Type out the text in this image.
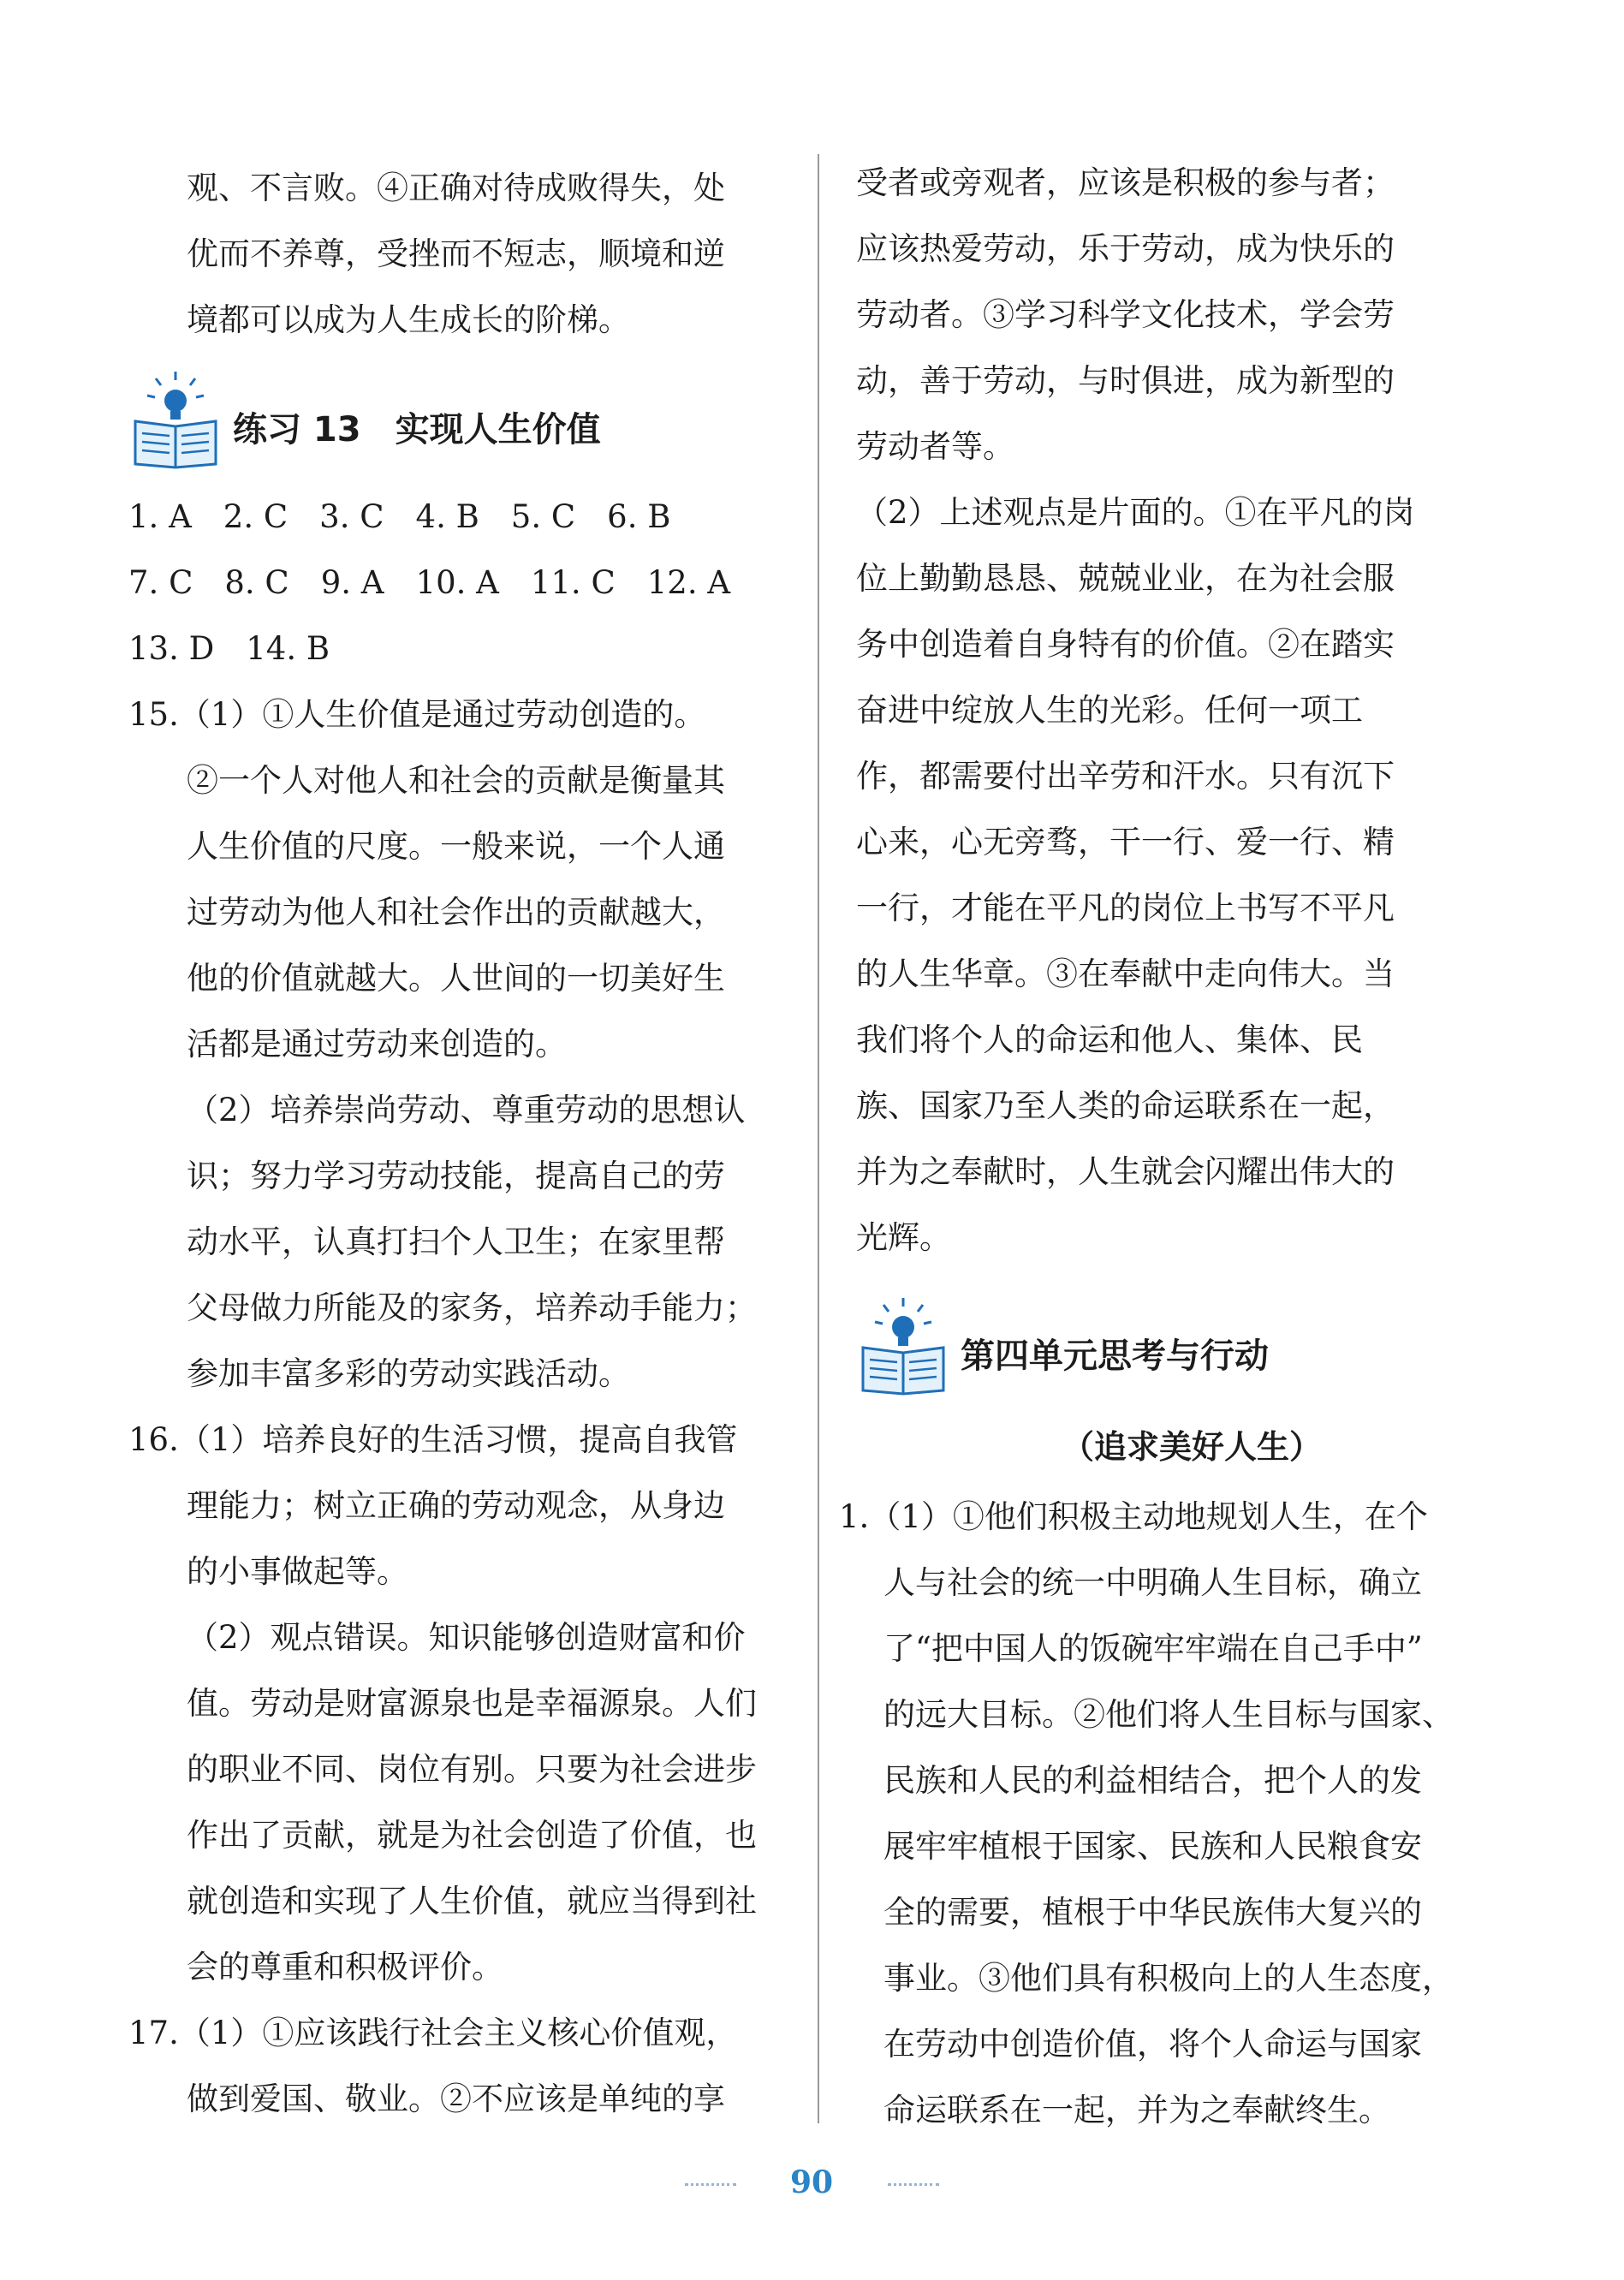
观、不言败。④正确对待成败得失，处
优而不养尊，受挫而不短志，顺境和逆
境都可以成为人生成长的阶梯。
练习 13　实现人生价值
1. A　2. C　3. C　4. B　5. C　6. B
7. C　8. C　9. A　10. A　11. C　12. A
13. D　14. B
15.（1）①人生价值是通过劳动创造的。
②一个人对他人和社会的贡献是衡量其
人生价值的尺度。一般来说，一个人通
过劳动为他人和社会作出的贡献越大，
他的价值就越大。人世间的一切美好生
活都是通过劳动来创造的。
（2）培养崇尚劳动、尊重劳动的思想认
识；努力学习劳动技能，提高自己的劳
动水平，认真打扫个人卫生；在家里帮
父母做力所能及的家务，培养动手能力；
参加丰富多彩的劳动实践活动。
16.（1）培养良好的生活习惯，提高自我管
理能力；树立正确的劳动观念，从身边
的小事做起等。
（2）观点错误。知识能够创造财富和价
值。劳动是财富源泉也是幸福源泉。人们
的职业不同、岗位有别。只要为社会进步
作出了贡献，就是为社会创造了价值，也
就创造和实现了人生价值，就应当得到社
会的尊重和积极评价。
17.（1）①应该践行社会主义核心价值观，
做到爱国、敬业。②不应该是单纯的享
受者或旁观者，应该是积极的参与者；
应该热爱劳动，乐于劳动，成为快乐的
劳动者。③学习科学文化技术，学会劳
动，善于劳动，与时俱进，成为新型的
劳动者等。
（2）上述观点是片面的。①在平凡的岗
位上勤勤恳恳、兢兢业业，在为社会服
务中创造着自身特有的价值。②在踏实
奋进中绽放人生的光彩。任何一项工
作，都需要付出辛劳和汗水。只有沉下
心来，心无旁骛，干一行、爱一行、精
一行，才能在平凡的岗位上书写不平凡
的人生华章。③在奉献中走向伟大。当
我们将个人的命运和他人、集体、民
族、国家乃至人类的命运联系在一起，
并为之奉献时，人生就会闪耀出伟大的
光辉。
第四单元思考与行动
（追求美好人生）
1.（1）①他们积极主动地规划人生，在个
人与社会的统一中明确人生目标，确立
了“把中国人的饭碗牢牢端在自己手中”
的远大目标。②他们将人生目标与国家、
民族和人民的利益相结合，把个人的发
展牢牢植根于国家、民族和人民粮食安
全的需要，植根于中华民族伟大复兴的
事业。③他们具有积极向上的人生态度，
在劳动中创造价值，将个人命运与国家
命运联系在一起，并为之奉献终生。
90
